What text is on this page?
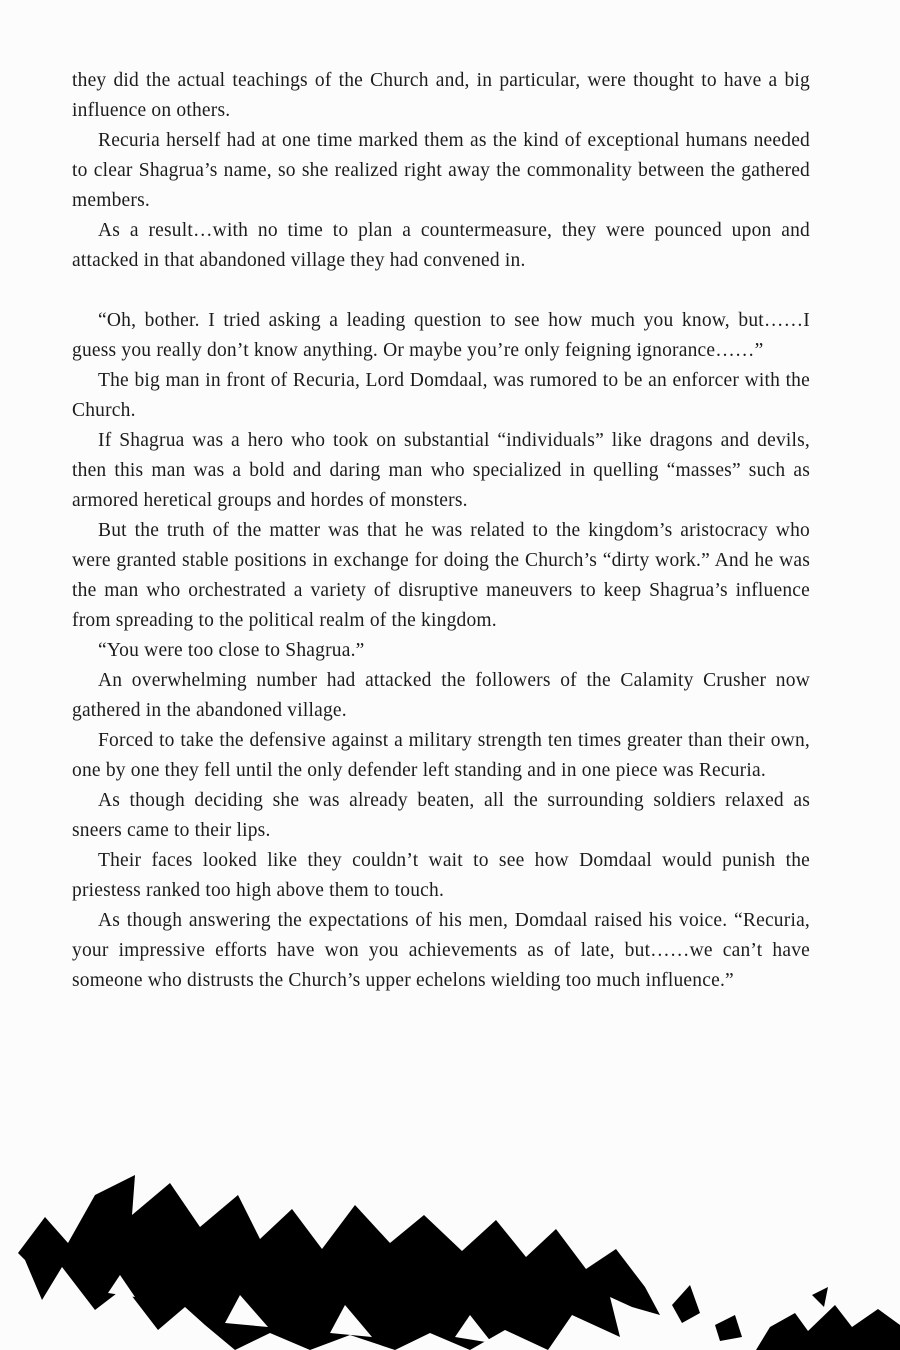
they did the actual teachings of the Church and, in particular, were thought to have a big influence on others.

Recuria herself had at one time marked them as the kind of exceptional humans needed to clear Shagrua’s name, so she realized right away the commonality between the gathered members.

As a result…with no time to plan a countermeasure, they were pounced upon and attacked in that abandoned village they had convened in.

“Oh, bother. I tried asking a leading question to see how much you know, but……I guess you really don’t know anything. Or maybe you’re only feigning ignorance……”

The big man in front of Recuria, Lord Domdaal, was rumored to be an enforcer with the Church.

If Shagrua was a hero who took on substantial “individuals” like dragons and devils, then this man was a bold and daring man who specialized in quelling “masses” such as armored heretical groups and hordes of monsters.

But the truth of the matter was that he was related to the kingdom’s aristocracy who were granted stable positions in exchange for doing the Church’s “dirty work.” And he was the man who orchestrated a variety of disruptive maneuvers to keep Shagrua’s influence from spreading to the political realm of the kingdom.

“You were too close to Shagrua.”

An overwhelming number had attacked the followers of the Calamity Crusher now gathered in the abandoned village.

Forced to take the defensive against a military strength ten times greater than their own, one by one they fell until the only defender left standing and in one piece was Recuria.

As though deciding she was already beaten, all the surrounding soldiers relaxed as sneers came to their lips.

Their faces looked like they couldn’t wait to see how Domdaal would punish the priestess ranked too high above them to touch.

As though answering the expectations of his men, Domdaal raised his voice. “Recuria, your impressive efforts have won you achievements as of late, but……we can’t have someone who distrusts the Church’s upper echelons wielding too much influence.”
